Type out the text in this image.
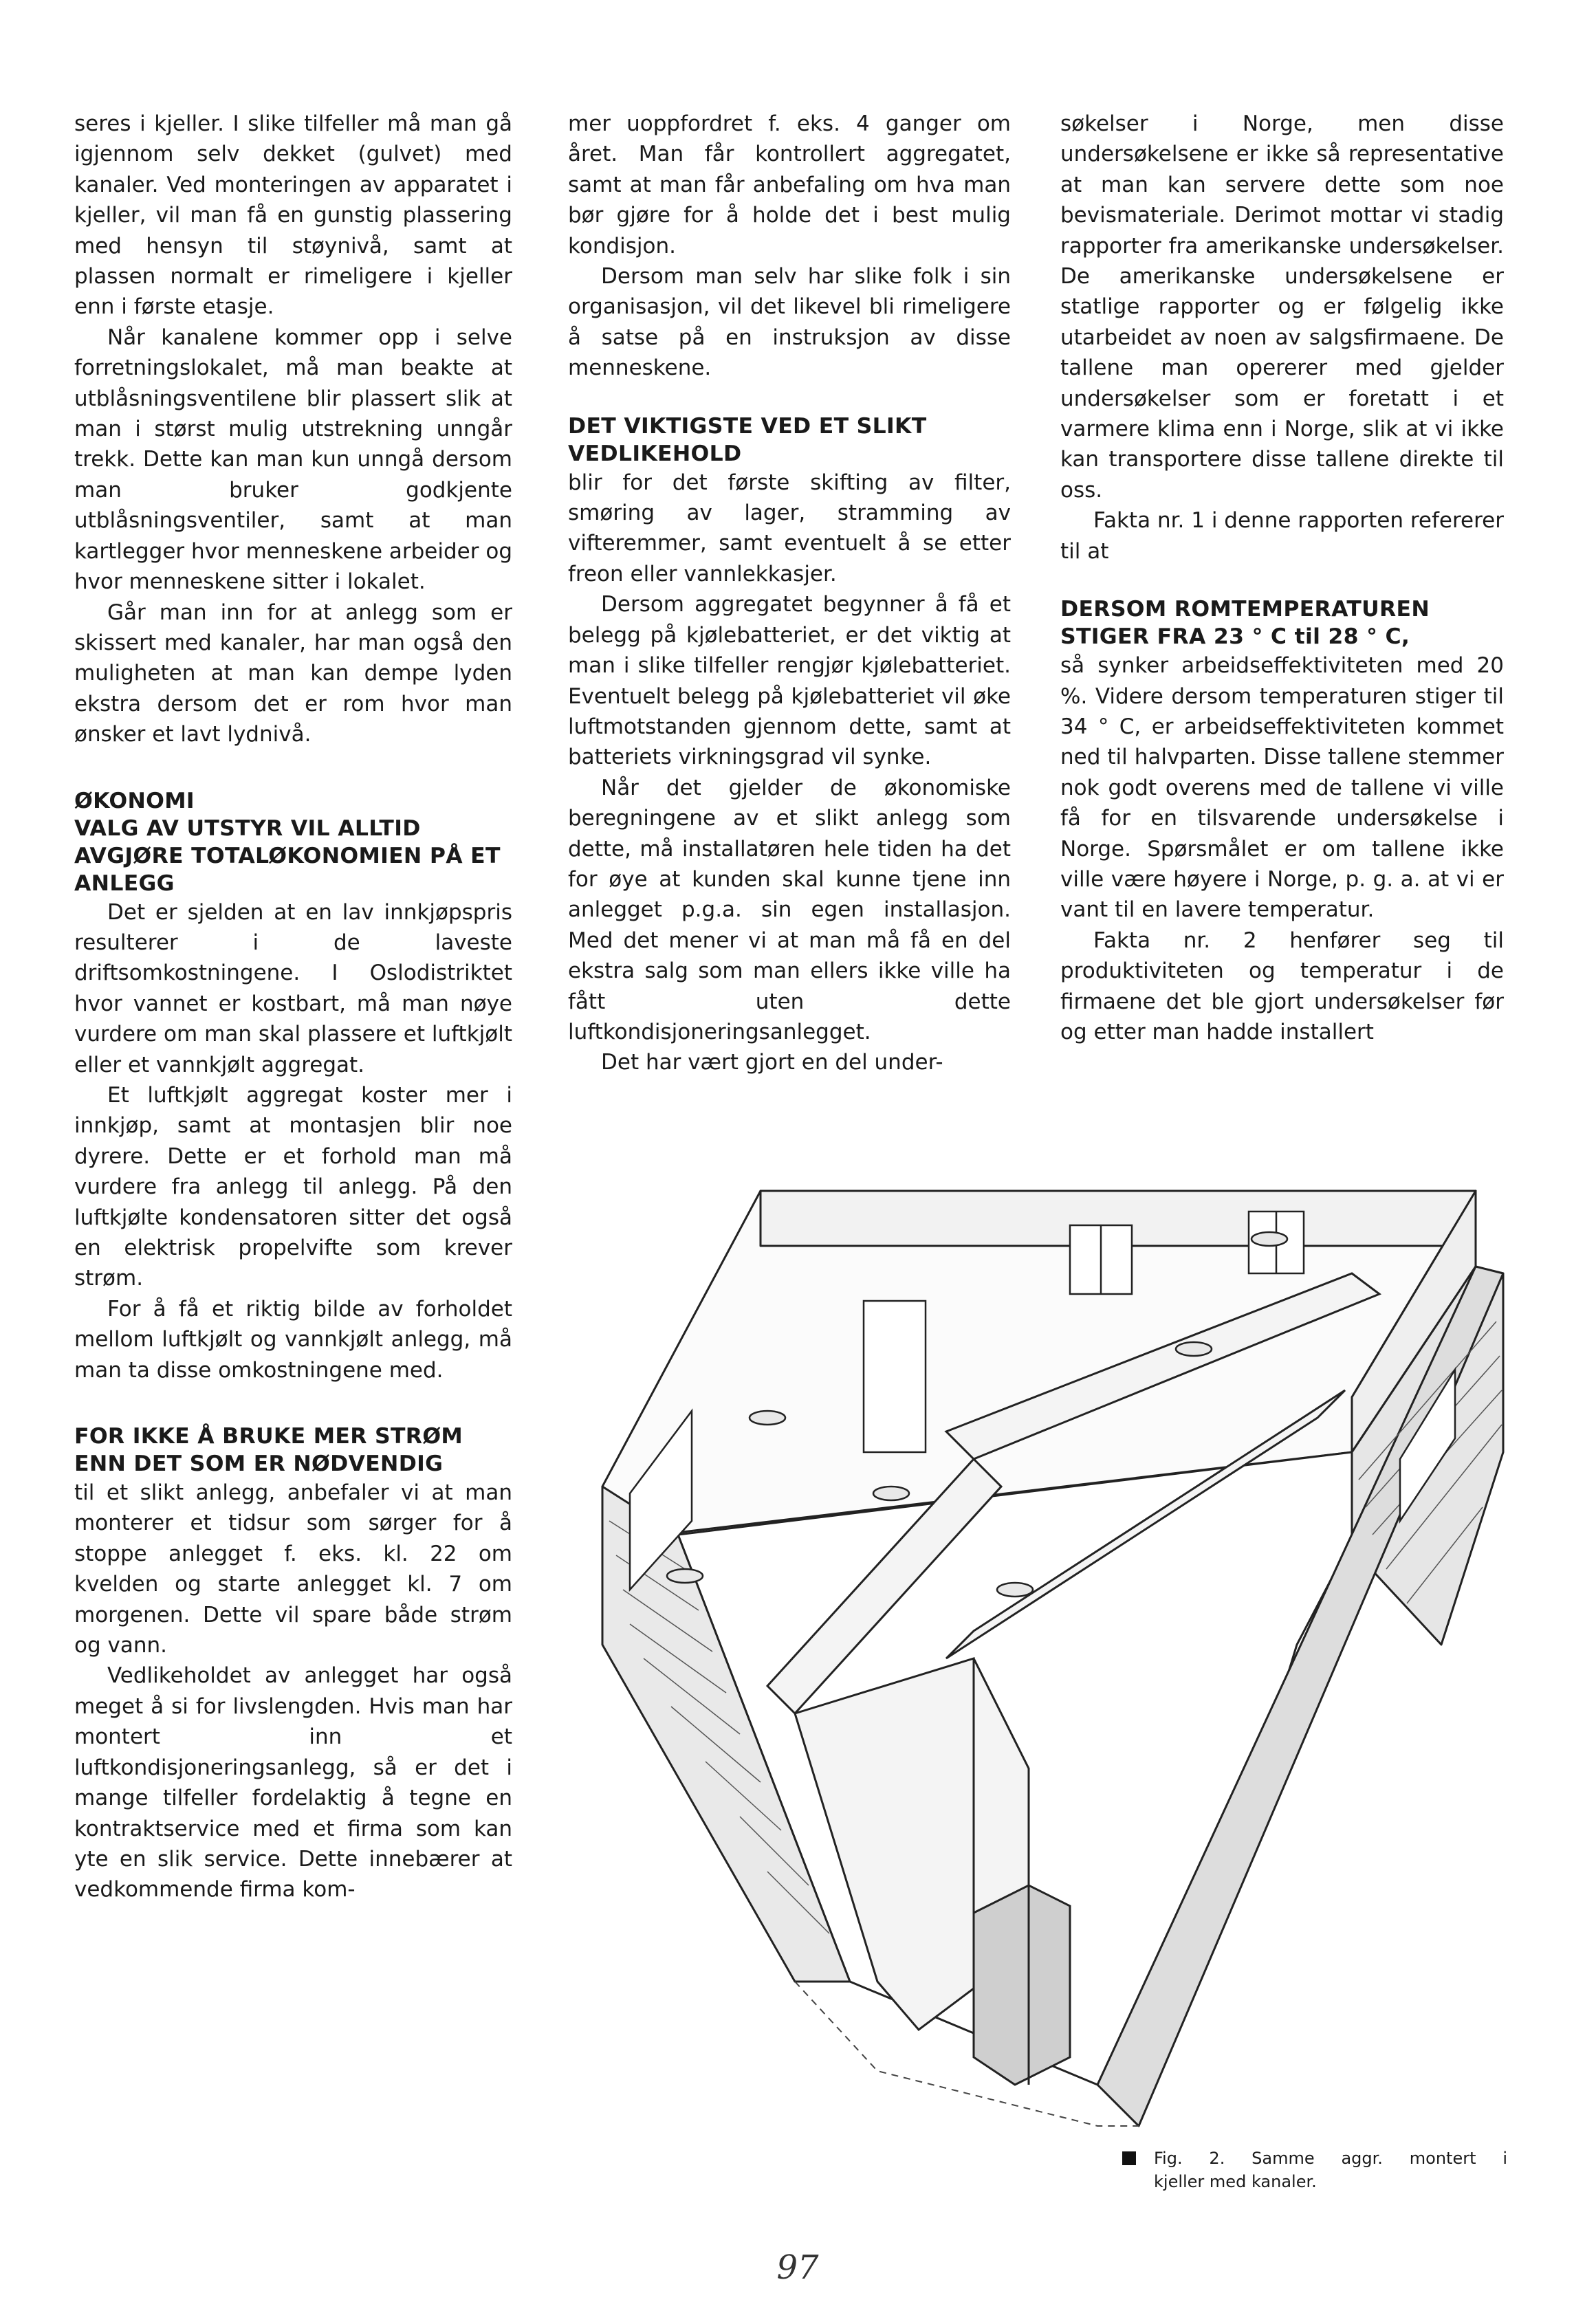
seres i kjeller. I slike tilfeller må man gå igjennom selv dekket (gulvet) med kanaler. Ved monteringen av apparatet i kjeller, vil man få en gunstig plassering med hensyn til støynivå, samt at plassen normalt er rimeligere i kjeller enn i første etasje.

Når kanalene kommer opp i selve forretningslokalet, må man beakte at utblåsningsventilene blir plassert slik at man i størst mulig utstrekning unngår trekk. Dette kan man kun unngå dersom man bruker godkjente utblåsningsventiler, samt at man kartlegger hvor menneskene arbeider og hvor menneskene sitter i lokalet.

Går man inn for at anlegg som er skissert med kanaler, har man også den muligheten at man kan dempe lyden ekstra dersom det er rom hvor man ønsker et lavt lydnivå.

ØKONOMI

VALG AV UTSTYR VIL ALLTID AVGJØRE TOTALØKONOMIEN PÅ ET ANLEGG

Det er sjelden at en lav innkjøpspris resulterer i de laveste driftsomkostningene. I Oslodistriktet hvor vannet er kostbart, må man nøye vurdere om man skal plassere et luftkjølt eller et vannkjølt aggregat.

Et luftkjølt aggregat koster mer i innkjøp, samt at montasjen blir noe dyrere. Dette er et forhold man må vurdere fra anlegg til anlegg. På den luftkjølte kondensatoren sitter det også en elektrisk propelvifte som krever strøm.

For å få et riktig bilde av forholdet mellom luftkjølt og vannkjølt anlegg, må man ta disse omkostningene med.

FOR IKKE Å BRUKE MER STRØM ENN DET SOM ER NØDVENDIG

til et slikt anlegg, anbefaler vi at man monterer et tidsur som sørger for å stoppe anlegget f. eks. kl. 22 om kvelden og starte anlegget kl. 7 om morgenen. Dette vil spare både strøm og vann.

Vedlikeholdet av anlegget har også meget å si for livslengden. Hvis man har montert inn et luftkondisjoneringsanlegg, så er det i mange tilfeller fordelaktig å tegne en kontraktservice med et firma som kan yte en slik service. Dette innebærer at vedkommende firma kom-

mer uoppfordret f. eks. 4 ganger om året. Man får kontrollert aggregatet, samt at man får anbefaling om hva man bør gjøre for å holde det i best mulig kondisjon.

Dersom man selv har slike folk i sin organisasjon, vil det likevel bli rimeligere å satse på en instruksjon av disse menneskene.

DET VIKTIGSTE VED ET SLIKT VEDLIKEHOLD

blir for det første skifting av filter, smøring av lager, stramming av vifteremmer, samt eventuelt å se etter freon eller vannlekkasjer.

Dersom aggregatet begynner å få et belegg på kjølebatteriet, er det viktig at man i slike tilfeller rengjør kjølebatteriet. Eventuelt belegg på kjølebatteriet vil øke luftmotstanden gjennom dette, samt at batteriets virkningsgrad vil synke.

Når det gjelder de økonomiske beregningene av et slikt anlegg som dette, må installatøren hele tiden ha det for øye at kunden skal kunne tjene inn anlegget p.g.a. sin egen installasjon. Med det mener vi at man må få en del ekstra salg som man ellers ikke ville ha fått uten dette luftkondisjoneringsanlegget.

Det har vært gjort en del under-

søkelser i Norge, men disse undersøkelsene er ikke så representative at man kan servere dette som noe bevismateriale. Derimot mottar vi stadig rapporter fra amerikanske undersøkelser. De amerikanske undersøkelsene er statlige rapporter og er følgelig ikke utarbeidet av noen av salgsfirmaene. De tallene man opererer med gjelder undersøkelser som er foretatt i et varmere klima enn i Norge, slik at vi ikke kan transportere disse tallene direkte til oss.

Fakta nr. 1 i denne rapporten refererer til at

DERSOM ROMTEMPERATUREN STIGER FRA 23 ° C til 28 ° C,

så synker arbeidseffektiviteten med 20 %. Videre dersom temperaturen stiger til 34 ° C, er arbeidseffektiviteten kommet ned til halvparten. Disse tallene stemmer nok godt overens med de tallene vi ville få for en tilsvarende undersøkelse i Norge. Spørsmålet er om tallene ikke ville være høyere i Norge, p. g. a. at vi er vant til en lavere temperatur.

Fakta nr. 2 henfører seg til produktiviteten og temperatur i de firmaene det ble gjort undersøkelser før og etter man hadde installert

Fig. 2. Samme aggr. montert i
kjeller med kanaler.
97
